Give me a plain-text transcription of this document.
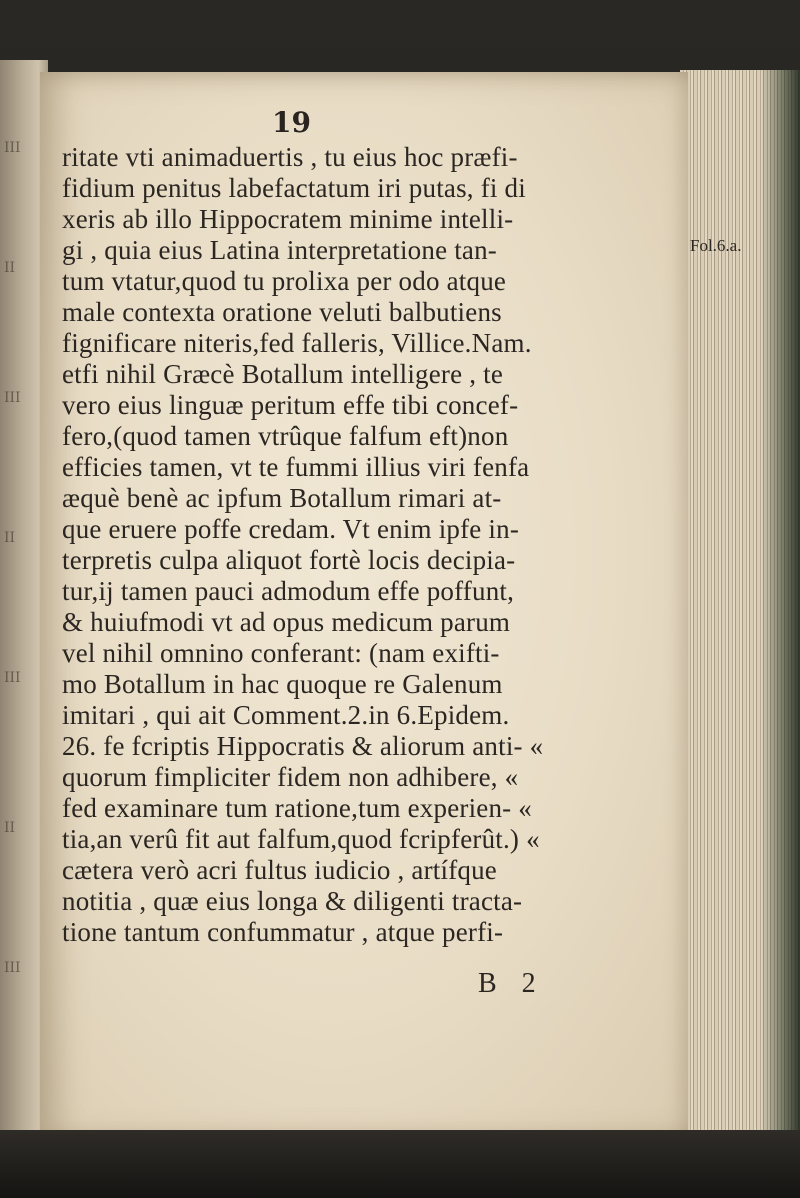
III
II
III
II
III
II
III
19
ritate vti animaduertis , tu eius hoc præfi-
fidium penitus labefactatum iri putas, fi di
xeris ab illo Hippocratem minime intelli-
gi , quia eius Latina interpretatione tan-
tum vtatur,quod tu prolixa per odo atque
male contexta oratione veluti balbutiens
fignificare niteris,fed falleris, Villice.Nam.
etfi nihil Græcè Botallum intelligere , te
vero eius linguæ peritum effe tibi concef-
fero,(quod tamen vtrûque falfum eft)non
efficies tamen, vt te fummi illius viri fenfa
æquè benè ac ipfum Botallum rimari at-
que eruere poffe credam. Vt enim ipfe in-
terpretis culpa aliquot fortè locis decipia-
tur,ij tamen pauci admodum effe poffunt,
& huiufmodi vt ad opus medicum parum
vel nihil omnino conferant: (nam exifti-
mo Botallum in hac quoque re Galenum
imitari , qui ait Comment.2.in 6.Epidem.
26. fe fcriptis Hippocratis & aliorum anti- «
quorum fimpliciter fidem non adhibere, «
fed examinare tum ratione,tum experien- «
tia,an verû fit aut falfum,quod fcripferût.) «
cætera verò acri fultus iudicio , artífque
notitia , quæ eius longa & diligenti tracta-
tione tantum confummatur , atque perfi-
B 2
Fol.6.a.
